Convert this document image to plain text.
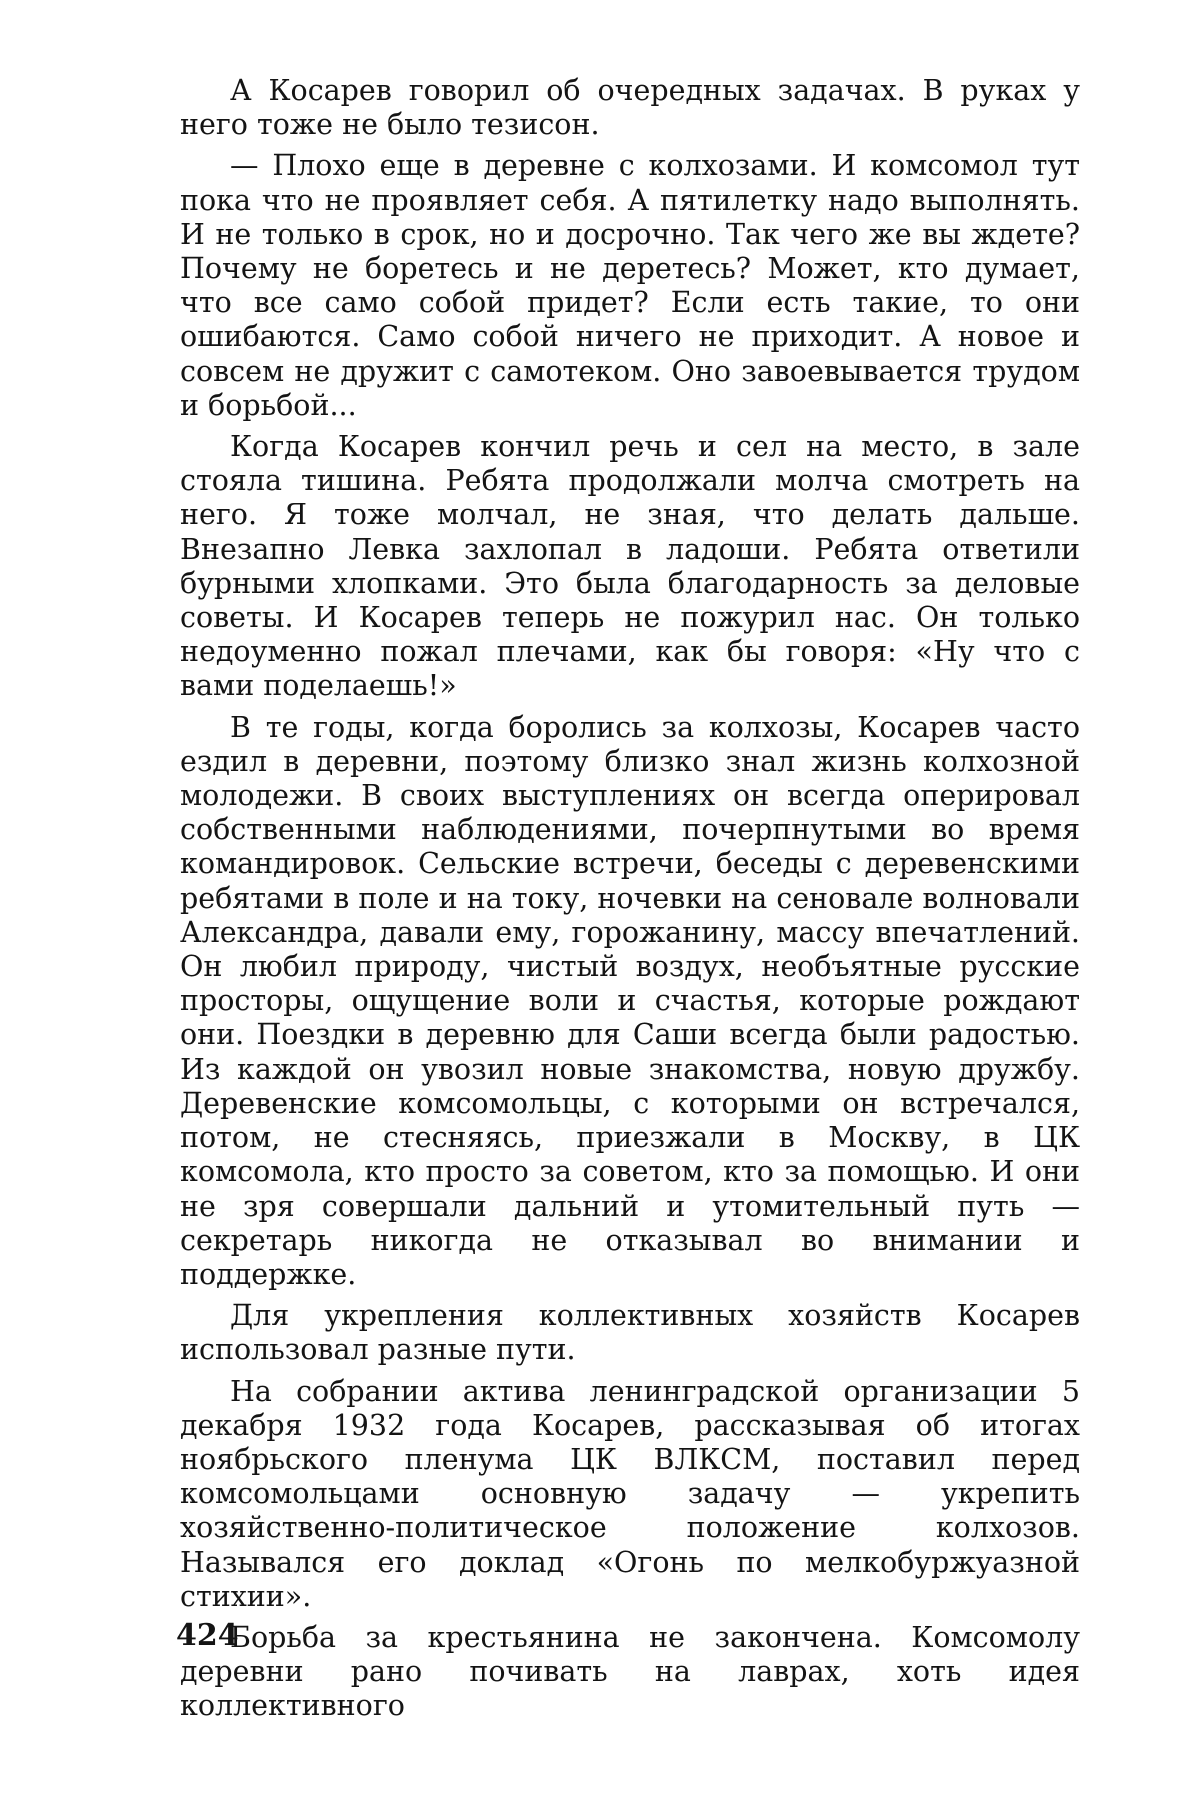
А Косарев говорил об очередных задачах. В руках у него тоже не было тезисон.

— Плохо еще в деревне с колхозами. И комсомол тут пока что не проявляет себя. А пятилетку надо выполнять. И не только в срок, но и досрочно. Так чего же вы ждете? Почему не боретесь и не деретесь? Может, кто думает, что все само собой придет? Если есть такие, то они ошибаются. Само собой ничего не приходит. А новое и совсем не дружит с самотеком. Оно завоевывается трудом и борьбой...

Когда Косарев кончил речь и сел на место, в зале стояла тишина. Ребята продолжали молча смотреть на него. Я тоже молчал, не зная, что делать дальше. Внезапно Левка захлопал в ладоши. Ребята ответили бурными хлопками. Это была благодарность за деловые советы. И Косарев теперь не пожурил нас. Он только недоуменно пожал плечами, как бы говоря: «Ну что с вами поделаешь!»

В те годы, когда боролись за колхозы, Косарев часто ездил в деревни, поэтому близко знал жизнь колхозной молодежи. В своих выступлениях он всегда оперировал собственными наблюдениями, почерпнутыми во время командировок. Сельские встречи, беседы с деревенскими ребятами в поле и на току, ночевки на сеновале волновали Александра, давали ему, горожанину, массу впечатлений. Он любил природу, чистый воздух, необъятные русские просторы, ощущение воли и счастья, которые рождают они. Поездки в деревню для Саши всегда были радостью. Из каждой он увозил новые знакомства, новую дружбу. Деревенские комсомольцы, с которыми он встречался, потом, не стесняясь, приезжали в Москву, в ЦК комсомола, кто просто за советом, кто за помощью. И они не зря совершали дальний и утомительный путь — секретарь никогда не отказывал во внимании и поддержке.

Для укрепления коллективных хозяйств Косарев использовал разные пути.

На собрании актива ленинградской организации 5 декабря 1932 года Косарев, рассказывая об итогах ноябрьского пленума ЦК ВЛКСМ, поставил перед комсомольцами основную задачу — укрепить хозяйственно-политическое положение колхозов. Назывался его доклад «Огонь по мелкобуржуазной стихии».

Борьба за крестьянина не закончена. Комсомолу деревни рано почивать на лаврах, хоть идея коллективного

424
